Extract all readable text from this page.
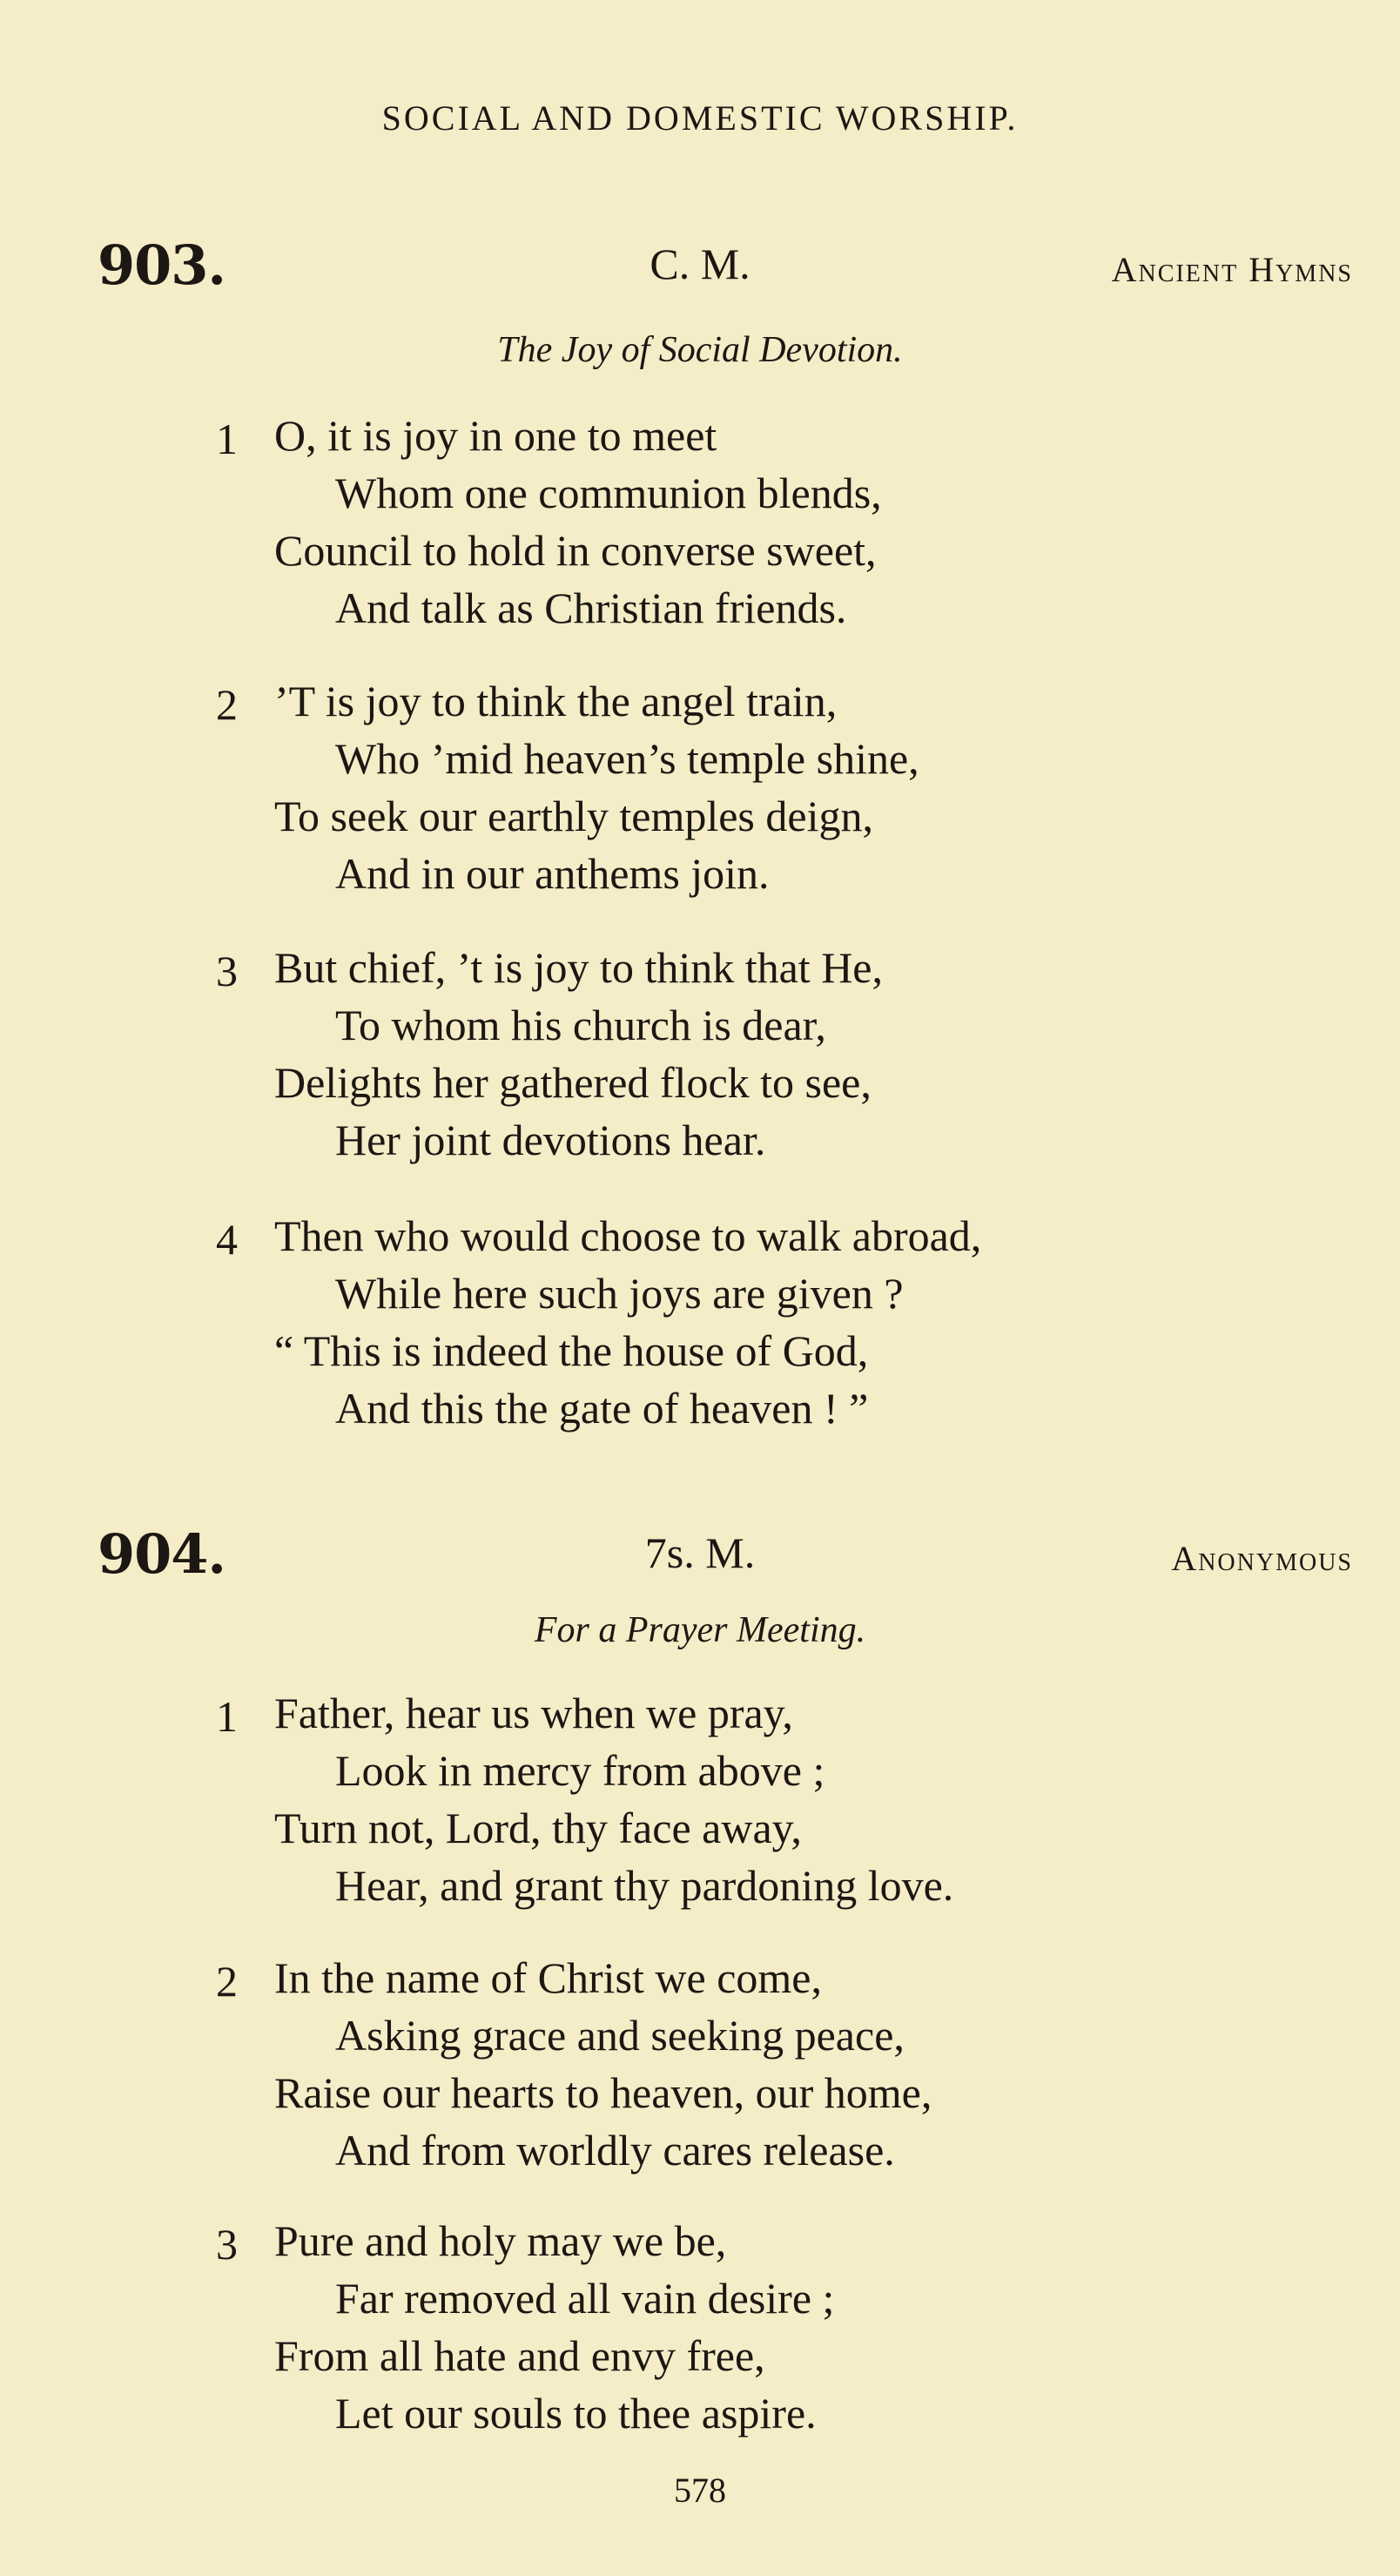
SOCIAL AND DOMESTIC WORSHIP.
903.	C. M.	Ancient Hymns
The Joy of Social Devotion.
1 O, it is joy in one to meet
Whom one communion blends,
Council to hold in converse sweet,
And talk as Christian friends.
2 ’T is joy to think the angel train,
Who ’mid heaven’s temple shine,
To seek our earthly temples deign,
And in our anthems join.
3 But chief, ’t is joy to think that He,
To whom his church is dear,
Delights her gathered flock to see,
Her joint devotions hear.
4 Then who would choose to walk abroad,
While here such joys are given ?
“ This is indeed the house of God,
And this the gate of heaven ! ”
904.	7s. M.	Anonymous
For a Prayer Meeting.
1 Father, hear us when we pray,
Look in mercy from above ;
Turn not, Lord, thy face away,
Hear, and grant thy pardoning love.
2 In the name of Christ we come,
Asking grace and seeking peace,
Raise our hearts to heaven, our home,
And from worldly cares release.
3 Pure and holy may we be,
Far removed all vain desire ;
From all hate and envy free,
Let our souls to thee aspire.
578
